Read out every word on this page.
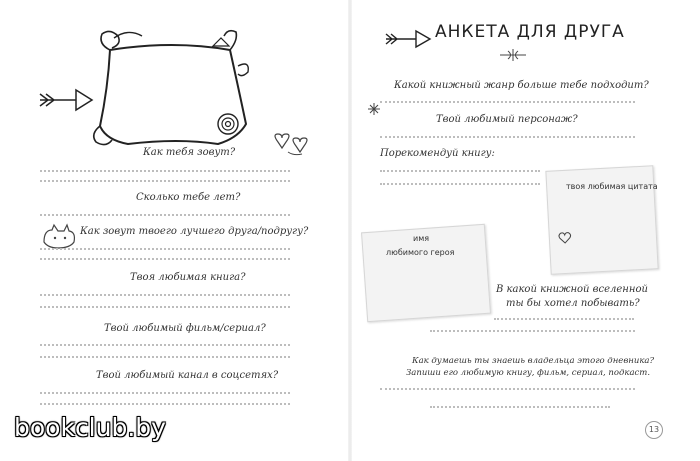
Как тебя зовут?
Сколько тебе лет?
Как зовут твоего лучшего друга/подругу?
Твоя любимая книга?
Твой любимый фильм/сериал?
Твой любимый канал в соцсетях?
АНКЕТА ДЛЯ ДРУГА
Какой книжный жанр больше тебе подходит?
Твой любимый персонаж?
Порекомендуй книгу:
твоя любимая цитата
имя
любимого героя
В какой книжной вселенной
ты бы хотел побывать?
Как думаешь ты знаешь владельца этого дневника?
Запиши его любимую книгу, фильм, сериал, подкаст.
13
bookclub.by
